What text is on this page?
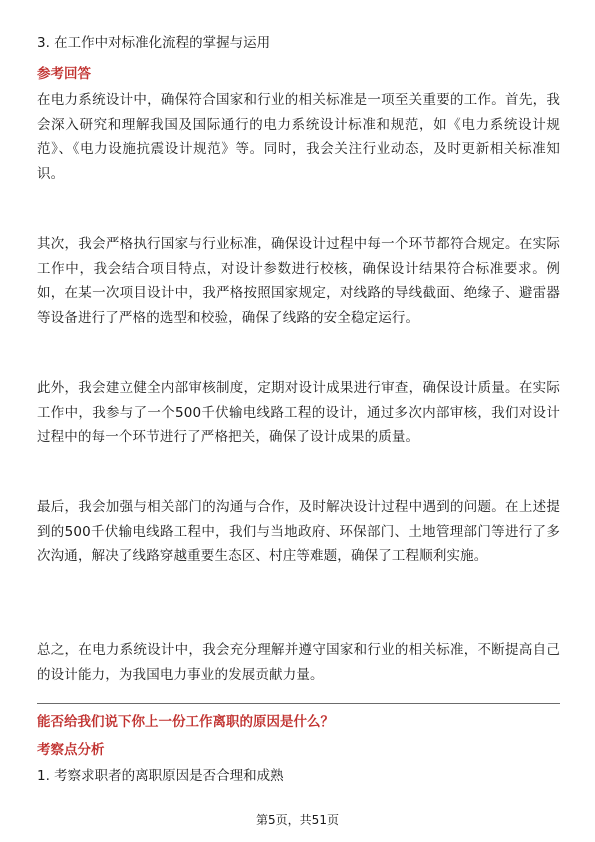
3. 在工作中对标准化流程的掌握与运用

参考回答

在电力系统设计中，确保符合国家和行业的相关标准是一项至关重要的工作。首先，我会深入研究和理解我国及国际通行的电力系统设计标准和规范，如《电力系统设计规范》、《电力设施抗震设计规范》等。同时，我会关注行业动态，及时更新相关标准知识。

其次，我会严格执行国家与行业标准，确保设计过程中每一个环节都符合规定。在实际工作中，我会结合项目特点，对设计参数进行校核，确保设计结果符合标准要求。例如，在某一次项目设计中，我严格按照国家规定，对线路的导线截面、绝缘子、避雷器等设备进行了严格的选型和校验，确保了线路的安全稳定运行。

此外，我会建立健全内部审核制度，定期对设计成果进行审查，确保设计质量。在实际工作中，我参与了一个500千伏输电线路工程的设计，通过多次内部审核，我们对设计过程中的每一个环节进行了严格把关，确保了设计成果的质量。

最后，我会加强与相关部门的沟通与合作，及时解决设计过程中遇到的问题。在上述提到的500千伏输电线路工程中，我们与当地政府、环保部门、土地管理部门等进行了多次沟通，解决了线路穿越重要生态区、村庄等难题，确保了工程顺利实施。

总之，在电力系统设计中，我会充分理解并遵守国家和行业的相关标准，不断提高自己的设计能力，为我国电力事业的发展贡献力量。

能否给我们说下你上一份工作离职的原因是什么？

考察点分析

1. 考察求职者的离职原因是否合理和成熟

第5页，共51页
